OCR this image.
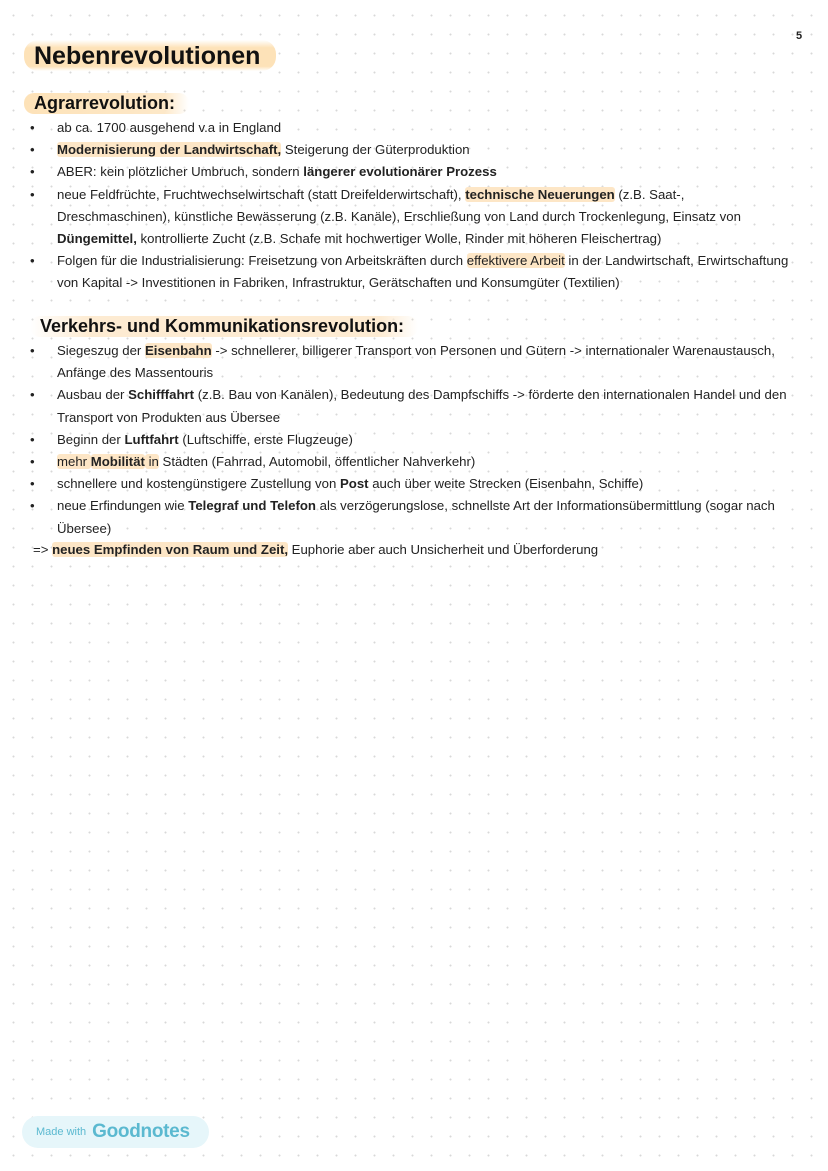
5
Nebenrevolutionen
Agrarrevolution:
• ab ca. 1700 ausgehend v.a in England
• Modernisierung der Landwirtschaft, Steigerung der Güterproduktion
• ABER: kein plötzlicher Umbruch, sondern längerer evolutionärer Prozess
• neue Feldfrüchte, Fruchtwechselwirtschaft (statt Dreifelderwirtschaft), technische Neuerungen (z.B. Saat-, Dreschmaschinen), künstliche Bewässerung (z.B. Kanäle), Erschließung von Land durch Trockenlegung, Einsatz von Düngemittel, kontrollierte Zucht (z.B. Schafe mit hochwertiger Wolle, Rinder mit höheren Fleischertrag)
• Folgen für die Industrialisierung: Freisetzung von Arbeitskräften durch effektivere Arbeit in der Landwirtschaft, Erwirtschaftung von Kapital -> Investitionen in Fabriken, Infrastruktur, Gerätschaften und Konsumgüter (Textilien)
Verkehrs- und Kommunikationsrevolution:
• Siegeszug der Eisenbahn -> schnellerer, billigerer Transport von Personen und Gütern -> internationaler Warenaustausch, Anfänge des Massentouris
• Ausbau der Schifffahrt (z.B. Bau von Kanälen), Bedeutung des Dampfschiffs -> förderte den internationalen Handel und den Transport von Produkten aus Übersee
• Beginn der Luftfahrt (Luftschiffe, erste Flugzeuge)
• mehr Mobilität in Städten (Fahrrad, Automobil, öffentlicher Nahverkehr)
• schnellere und kostengünstigere Zustellung von Post auch über weite Strecken (Eisenbahn, Schiffe)
• neue Erfindungen wie Telegraf und Telefon als verzögerungslose, schnellste Art der Informationsübermittlung (sogar nach Übersee)
=> neues Empfinden von Raum und Zeit, Euphorie aber auch Unsicherheit und Überforderung
Made with Goodnotes
